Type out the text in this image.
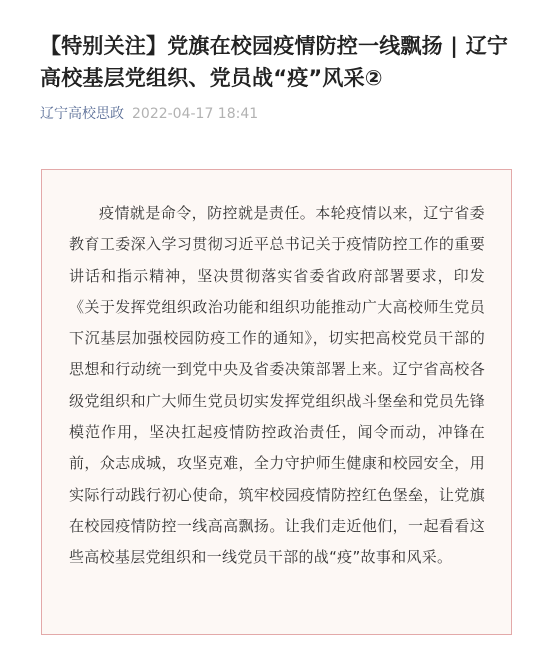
【特别关注】党旗在校园疫情防控一线飘扬 | 辽宁高校基层党组织、党员战“疫”风采②
辽宁高校思政 2022-04-17 18:41

疫情就是命令，防控就是责任。本轮疫情以来，辽宁省委教育工委深入学习贯彻习近平总书记关于疫情防控工作的重要讲话和指示精神，坚决贯彻落实省委省政府部署要求，印发《关于发挥党组织政治功能和组织功能推动广大高校师生党员下沉基层加强校园防疫工作的通知》，切实把高校党员干部的思想和行动统一到党中央及省委决策部署上来。辽宁省高校各级党组织和广大师生党员切实发挥党组织战斗堡垒和党员先锋模范作用，坚决扛起疫情防控政治责任，闻令而动，冲锋在前，众志成城，攻坚克难，全力守护师生健康和校园安全，用实际行动践行初心使命，筑牢校园疫情防控红色堡垒，让党旗在校园疫情防控一线高高飘扬。让我们走近他们，一起看看这些高校基层党组织和一线党员干部的战“疫”故事和风采。
